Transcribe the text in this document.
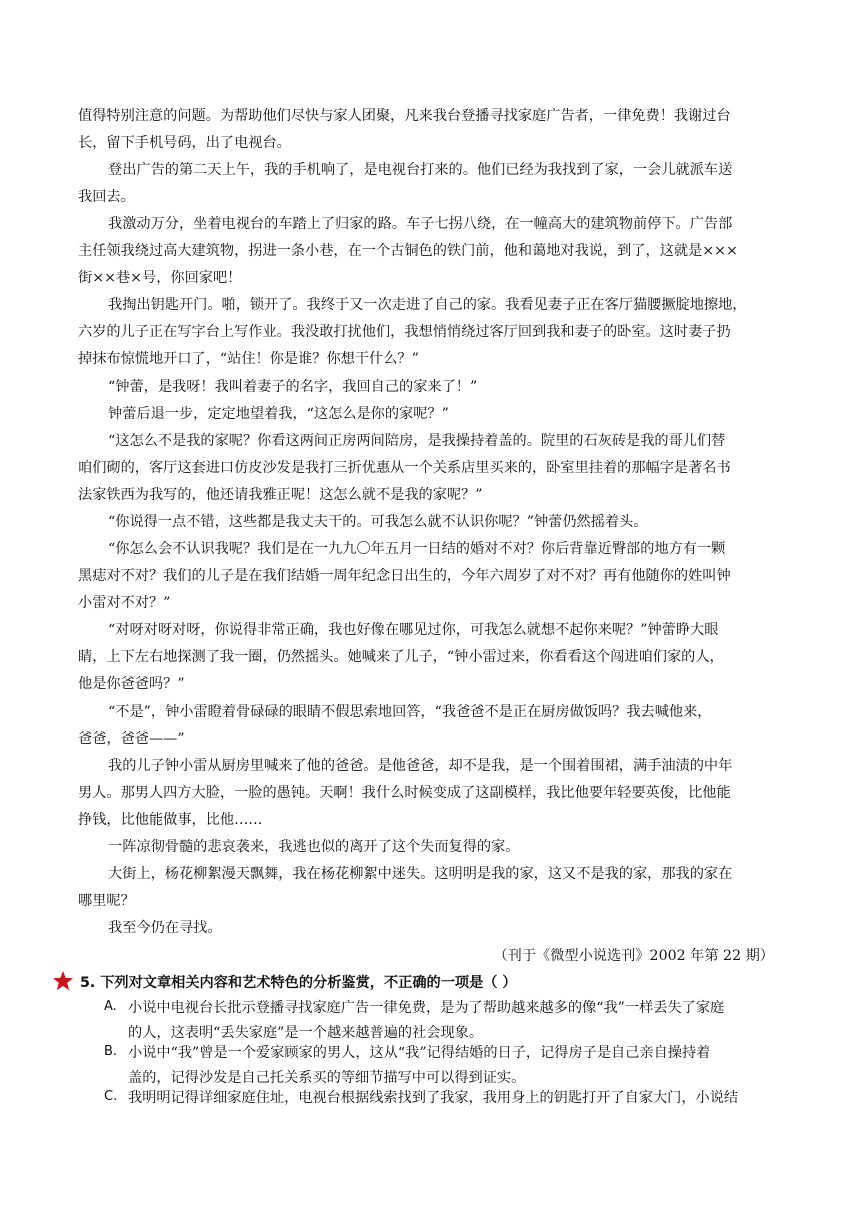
值得特别注意的问题。为帮助他们尽快与家人团聚，凡来我台登播寻找家庭广告者，一律免费！我谢过台
长，留下手机号码，出了电视台。
登出广告的第二天上午，我的手机响了，是电视台打来的。他们已经为我找到了家，一会儿就派车送
我回去。
我激动万分，坐着电视台的车踏上了归家的路。车子七拐八绕，在一幢高大的建筑物前停下。广告部
主任领我绕过高大建筑物，拐进一条小巷，在一个古铜色的铁门前，他和蔼地对我说，到了，这就是×××
街××巷×号，你回家吧！
我掏出钥匙开门。啪，锁开了。我终于又一次走进了自己的家。我看见妻子正在客厅猫腰撅腚地擦地，
六岁的儿子正在写字台上写作业。我没敢打扰他们，我想悄悄绕过客厅回到我和妻子的卧室。这时妻子扔
掉抹布惊慌地开口了，“站住！你是谁？你想干什么？”
“钟蕾，是我呀！我叫着妻子的名字，我回自己的家来了！”
钟蕾后退一步，定定地望着我，“这怎么是你的家呢？”
“这怎么不是我的家呢？你看这两间正房两间陪房，是我操持着盖的。院里的石灰砖是我的哥儿们替
咱们砌的，客厅这套进口仿皮沙发是我打三折优惠从一个关系店里买来的，卧室里挂着的那幅字是著名书
法家铁西为我写的，他还请我雅正呢！这怎么就不是我的家呢？”
“你说得一点不错，这些都是我丈夫干的。可我怎么就不认识你呢？”钟蕾仍然摇着头。
“你怎么会不认识我呢？我们是在一九九〇年五月一日结的婚对不对？你后背靠近臀部的地方有一颗
黑痣对不对？我们的儿子是在我们结婚一周年纪念日出生的，今年六周岁了对不对？再有他随你的姓叫钟
小雷对不对？”
“对呀对呀对呀，你说得非常正确，我也好像在哪见过你，可我怎么就想不起你来呢？”钟蕾睁大眼
睛，上下左右地探测了我一圈，仍然摇头。她喊来了儿子，“钟小雷过来，你看看这个闯进咱们家的人，
他是你爸爸吗？”
“不是”，钟小雷瞪着骨碌碌的眼睛不假思索地回答，“我爸爸不是正在厨房做饭吗？我去喊他来，
爸爸，爸爸——”
我的儿子钟小雷从厨房里喊来了他的爸爸。是他爸爸，却不是我，是一个围着围裙，满手油渍的中年
男人。那男人四方大脸，一脸的愚钝。天啊！我什么时候变成了这副模样，我比他要年轻要英俊，比他能
挣钱，比他能做事，比他……
一阵凉彻骨髓的悲哀袭来，我逃也似的离开了这个失而复得的家。
大街上，杨花柳絮漫天飘舞，我在杨花柳絮中迷失。这明明是我的家，这又不是我的家，那我的家在
哪里呢？
我至今仍在寻找。
（刊于《微型小说选刊》2002 年第 22 期）
5. 下列对文章相关内容和艺术特色的分析鉴赏，不正确的一项是（ ）
A. 小说中电视台长批示登播寻找家庭广告一律免费，是为了帮助越来越多的像“我”一样丢失了家庭
的人，这表明“丢失家庭”是一个越来越普遍的社会现象。
B. 小说中“我”曾是一个爱家顾家的男人，这从“我”记得结婚的日子，记得房子是自己亲自操持着
盖的，记得沙发是自己托关系买的等细节描写中可以得到证实。
C. 我明明记得详细家庭住址，电视台根据线索找到了我家，我用身上的钥匙打开了自家大门，小说结
